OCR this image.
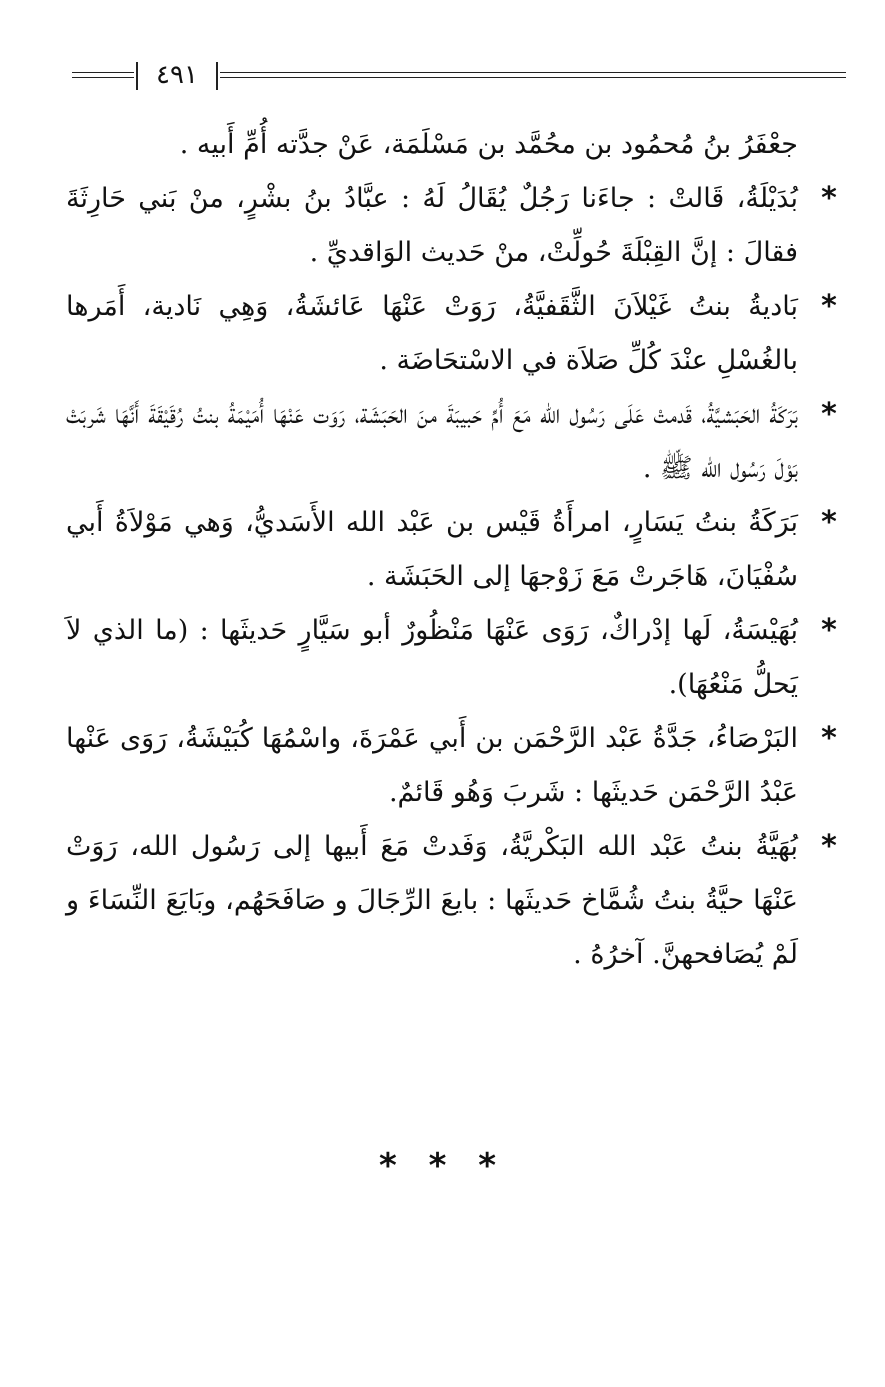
٤٩١

جعْفَرُ بنُ مُحمُود بن محُمَّد بن مَسْلَمَة، عَنْ جدَّته أُمِّ أَبيه .

*
بُدَيْلَةُ، قَالتْ : جاءَنا رَجُلٌ يُقَالُ لَهُ : عبَّادُ بنُ بشْرٍ، منْ بَني حَارِثَةَ فقالَ : إنَّ القِبْلَةَ حُولِّتْ، منْ حَديث الوَاقديِّ .

*
بَاديةُ بنتُ غَيْلاَنَ الثَّقَفيَّةُ، رَوَتْ عَنْهَا عَائشَةُ، وَهِي نَادية، أَمَرها بالغُسْلِ عنْدَ كُلِّ صَلاَة في الاسْتحَاضَة .

*
بَرَكَةُ الحَبَشيَّةُ، قَدمتْ عَلَى رَسُول الله مَعَ أُمِّ حَبيبَةَ منَ الحَبَشَة، رَوَت عَنْهَا أُمَيْمَةُ بنتُ رُقَيْقَةَ أَنَّهَا شَربَتْ بَوْلَ رَسُول الله ﷺ .

*
بَرَكَةُ بنتُ يَسَارٍ، امرأَةُ قَيْس بن عَبْد الله الأَسَديُّ، وَهي مَوْلاَةُ أَبي سُفْيَانَ، هَاجَرتْ مَعَ زَوْجهَا إلى الحَبَشَة .

*
بُهَيْسَةُ، لَها إدْراكٌ، رَوَى عَنْهَا مَنْظُورٌ أبو سَيَّارٍ حَديثَها : (ما الذي لاَ يَحلُّ مَنْعُهَا).

*
البَرْصَاءُ، جَدَّةُ عَبْد الرَّحْمَن بن أَبي عَمْرَةَ، واسْمُهَا كُبَيْشَةُ، رَوَى عَنْها عَبْدُ الرَّحْمَن حَديثَها : شَربَ وَهُو قَائمٌ.

*
بُهَيَّةُ بنتُ عَبْد الله البَكْريَّةُ، وَفَدتْ مَعَ أَبيها إلى رَسُول الله، رَوَتْ عَنْهَا حيَّةُ بنتُ شُمَّاخ حَديثَها : بايعَ الرِّجَالَ و صَافَحَهُم، وبَايَعَ النِّسَاءَ و لَمْ يُصَافحهنَّ. آخرُهُ .

* * *
